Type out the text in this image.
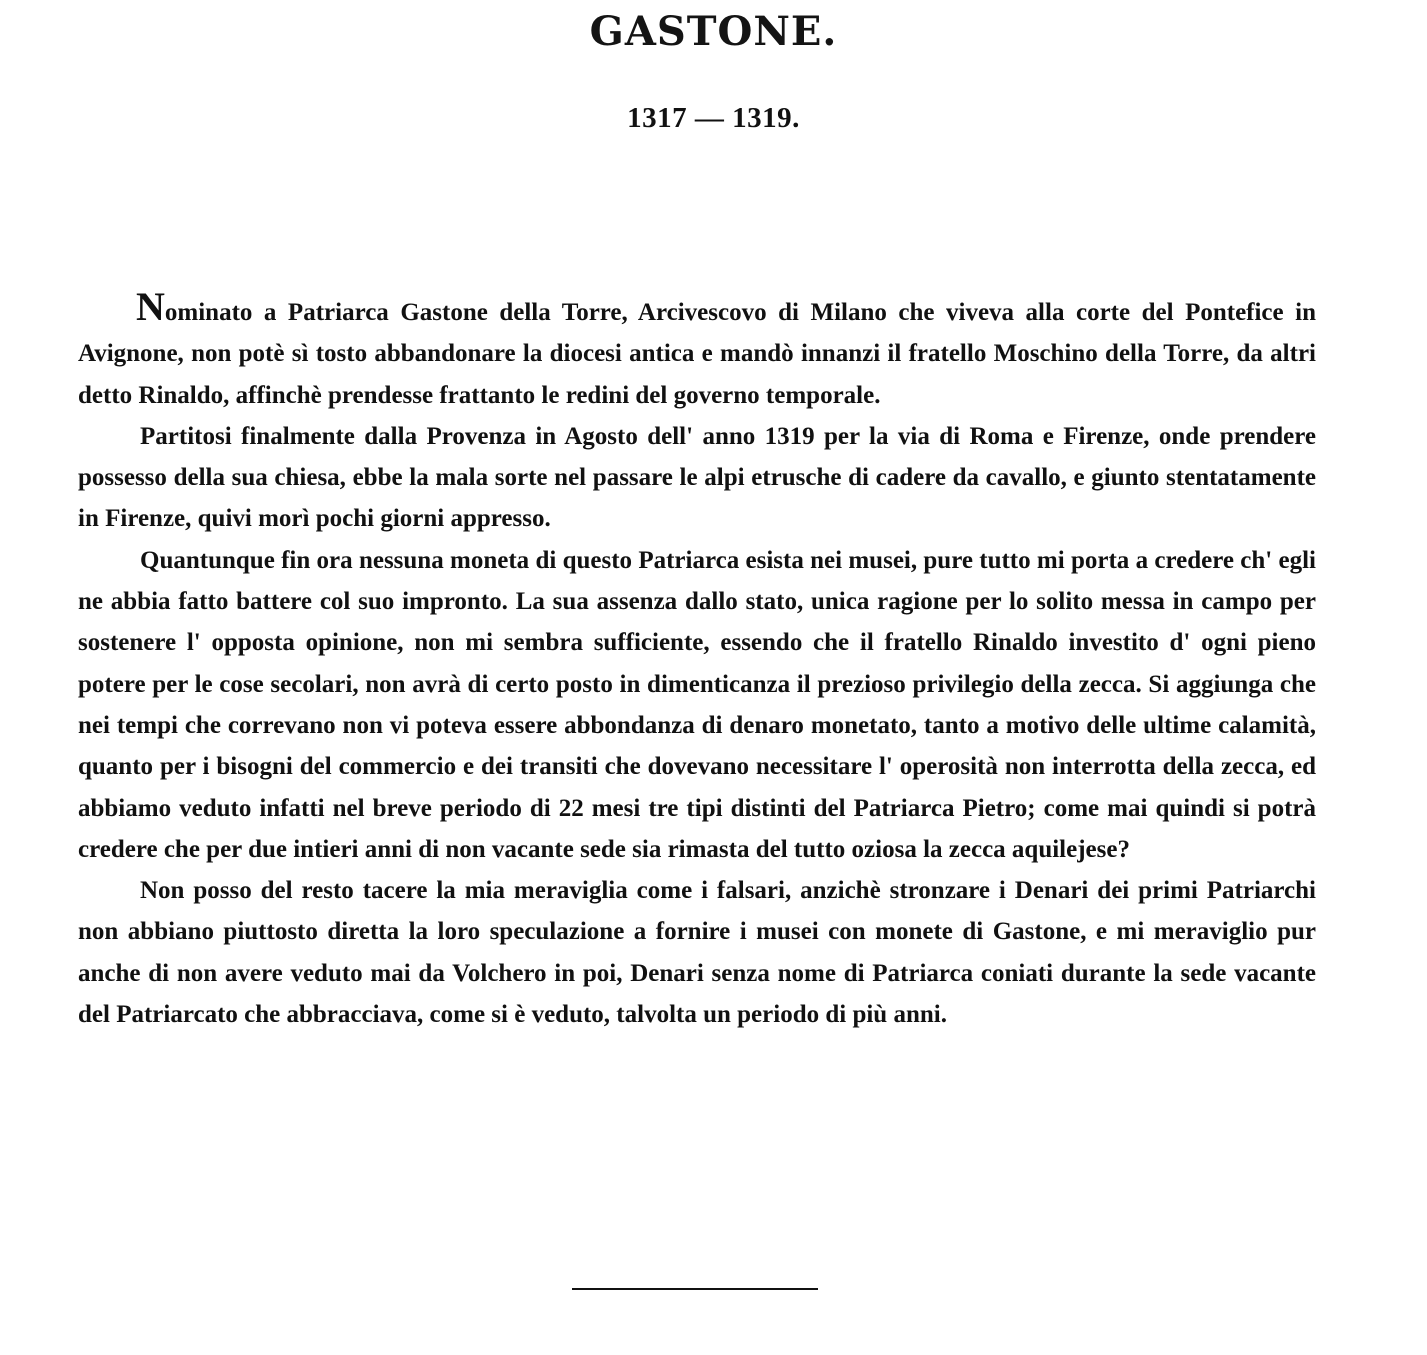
GASTONE.
1317 — 1319.

Nominato a Patriarca Gastone della Torre, Arcivescovo di Milano che viveva alla corte del Pontefice in Avignone, non potè sì tosto abbandonare la diocesi antica e mandò innanzi il fratello Moschino della Torre, da altri detto Rinaldo, affinchè prendesse frattanto le redini del governo temporale.

Partitosi finalmente dalla Provenza in Agosto dell' anno 1319 per la via di Roma e Firenze, onde prendere possesso della sua chiesa, ebbe la mala sorte nel passare le alpi etrusche di cadere da cavallo, e giunto stentatamente in Firenze, quivi morì pochi giorni appresso.

Quantunque fin ora nessuna moneta di questo Patriarca esista nei musei, pure tutto mi porta a credere ch' egli ne abbia fatto battere col suo impronto. La sua assenza dallo stato, unica ragione per lo solito messa in campo per sostenere l' opposta opinione, non mi sembra sufficiente, essendo che il fratello Rinaldo investito d' ogni pieno potere per le cose secolari, non avrà di certo posto in dimenticanza il prezioso privilegio della zecca. Si aggiunga che nei tempi che correvano non vi poteva essere abbondanza di denaro monetato, tanto a motivo delle ultime calamità, quanto per i bisogni del commercio e dei transiti che dovevano necessitare l' operosità non interrotta della zecca, ed abbiamo veduto infatti nel breve periodo di 22 mesi tre tipi distinti del Patriarca Pietro; come mai quindi si potrà credere che per due intieri anni di non vacante sede sia rimasta del tutto oziosa la zecca aquilejese?

Non posso del resto tacere la mia meraviglia come i falsari, anzichè stronzare i Denari dei primi Patriarchi non abbiano piuttosto diretta la loro speculazione a fornire i musei con monete di Gastone, e mi meraviglio pur anche di non avere veduto mai da Volchero in poi, Denari senza nome di Patriarca coniati durante la sede vacante del Patriarcato che abbracciava, come si è veduto, talvolta un periodo di più anni.
